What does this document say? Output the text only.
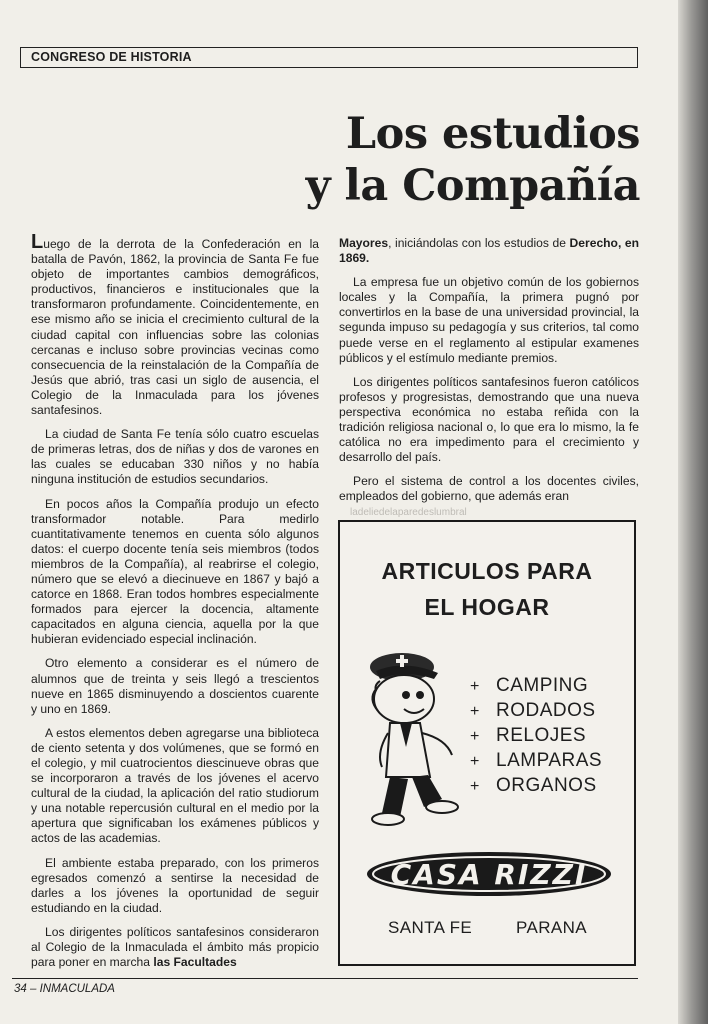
CONGRESO DE HISTORIA
Los estudios
y la Compañía

Luego de la derrota de la Confederación en la batalla de Pavón, 1862, la provincia de Santa Fe fue objeto de importantes cambios demográficos, productivos, financieros e institucionales que la transformaron profundamente. Coincidentemente, en ese mismo año se inicia el crecimiento cultural de la ciudad capital con influencias sobre las colonias cercanas e incluso sobre provincias vecinas como consecuencia de la reinstalación de la Compañía de Jesús que abrió, tras casi un siglo de ausencia, el Colegio de la Inmaculada para los jóvenes santafesinos.

La ciudad de Santa Fe tenía sólo cuatro escuelas de primeras letras, dos de niñas y dos de varones en las cuales se educaban 330 niños y no había ninguna institución de estudios secundarios.

En pocos años la Compañía produjo un efecto transformador notable. Para medirlo cuantitativamente tenemos en cuenta sólo algunos datos: el cuerpo docente tenía seis miembros (todos miembros de la Compañía), al reabrirse el colegio, número que se elevó a diecinueve en 1867 y bajó a catorce en 1868. Eran todos hombres especialmente formados para ejercer la docencia, altamente capacitados en alguna ciencia, aquella por la que hubieran evidenciado especial inclinación.

Otro elemento a considerar es el número de alumnos que de treinta y seis llegó a trescientos nueve en 1865 disminuyendo a doscientos cuarente y uno en 1869.

A estos elementos deben agregarse una biblioteca de ciento setenta y dos volúmenes, que se formó en el colegio, y mil cuatrocientos diescinueve obras que se incorporaron a través de los jóvenes el acervo cultural de la ciudad, la aplicación del ratio studiorum y una notable repercusión cultural en el medio por la apertura que significaban los exámenes públicos y actos de las academias.

El ambiente estaba preparado, con los primeros egresados comenzó a sentirse la necesidad de darles a los jóvenes la oportunidad de seguir estudiando en la ciudad.

Los dirigentes políticos santafesinos consideraron al Colegio de la Inmaculada el ámbito más propicio para poner en marcha las Facultades

Mayores, iniciándolas con los estudios de Derecho, en 1869.

La empresa fue un objetivo común de los gobiernos locales y la Compañía, la primera pugnó por convertirlos en la base de una universidad provincial, la segunda impuso su pedagogía y sus criterios, tal como puede verse en el reglamento al estipular examenes públicos y el estímulo mediante premios.

Los dirigentes políticos santafesinos fueron católicos profesos y progresistas, demostrando que una nueva perspectiva económica no estaba reñida con la tradición religiosa nacional o, lo que era lo mismo, la fe católica no era impedimento para el crecimiento y desarrollo del país.

Pero el sistema de control a los docentes civiles, empleados del gobierno, que además eran

ladeliedelaparedeslumbral
ARTICULOS PARA
EL HOGAR
+ CAMPING
+ RODADOS
+ RELOJES
+ LAMPARAS
+ ORGANOS
CASA RIZZI
SANTA FE	PARANA
34 – INMACULADA
